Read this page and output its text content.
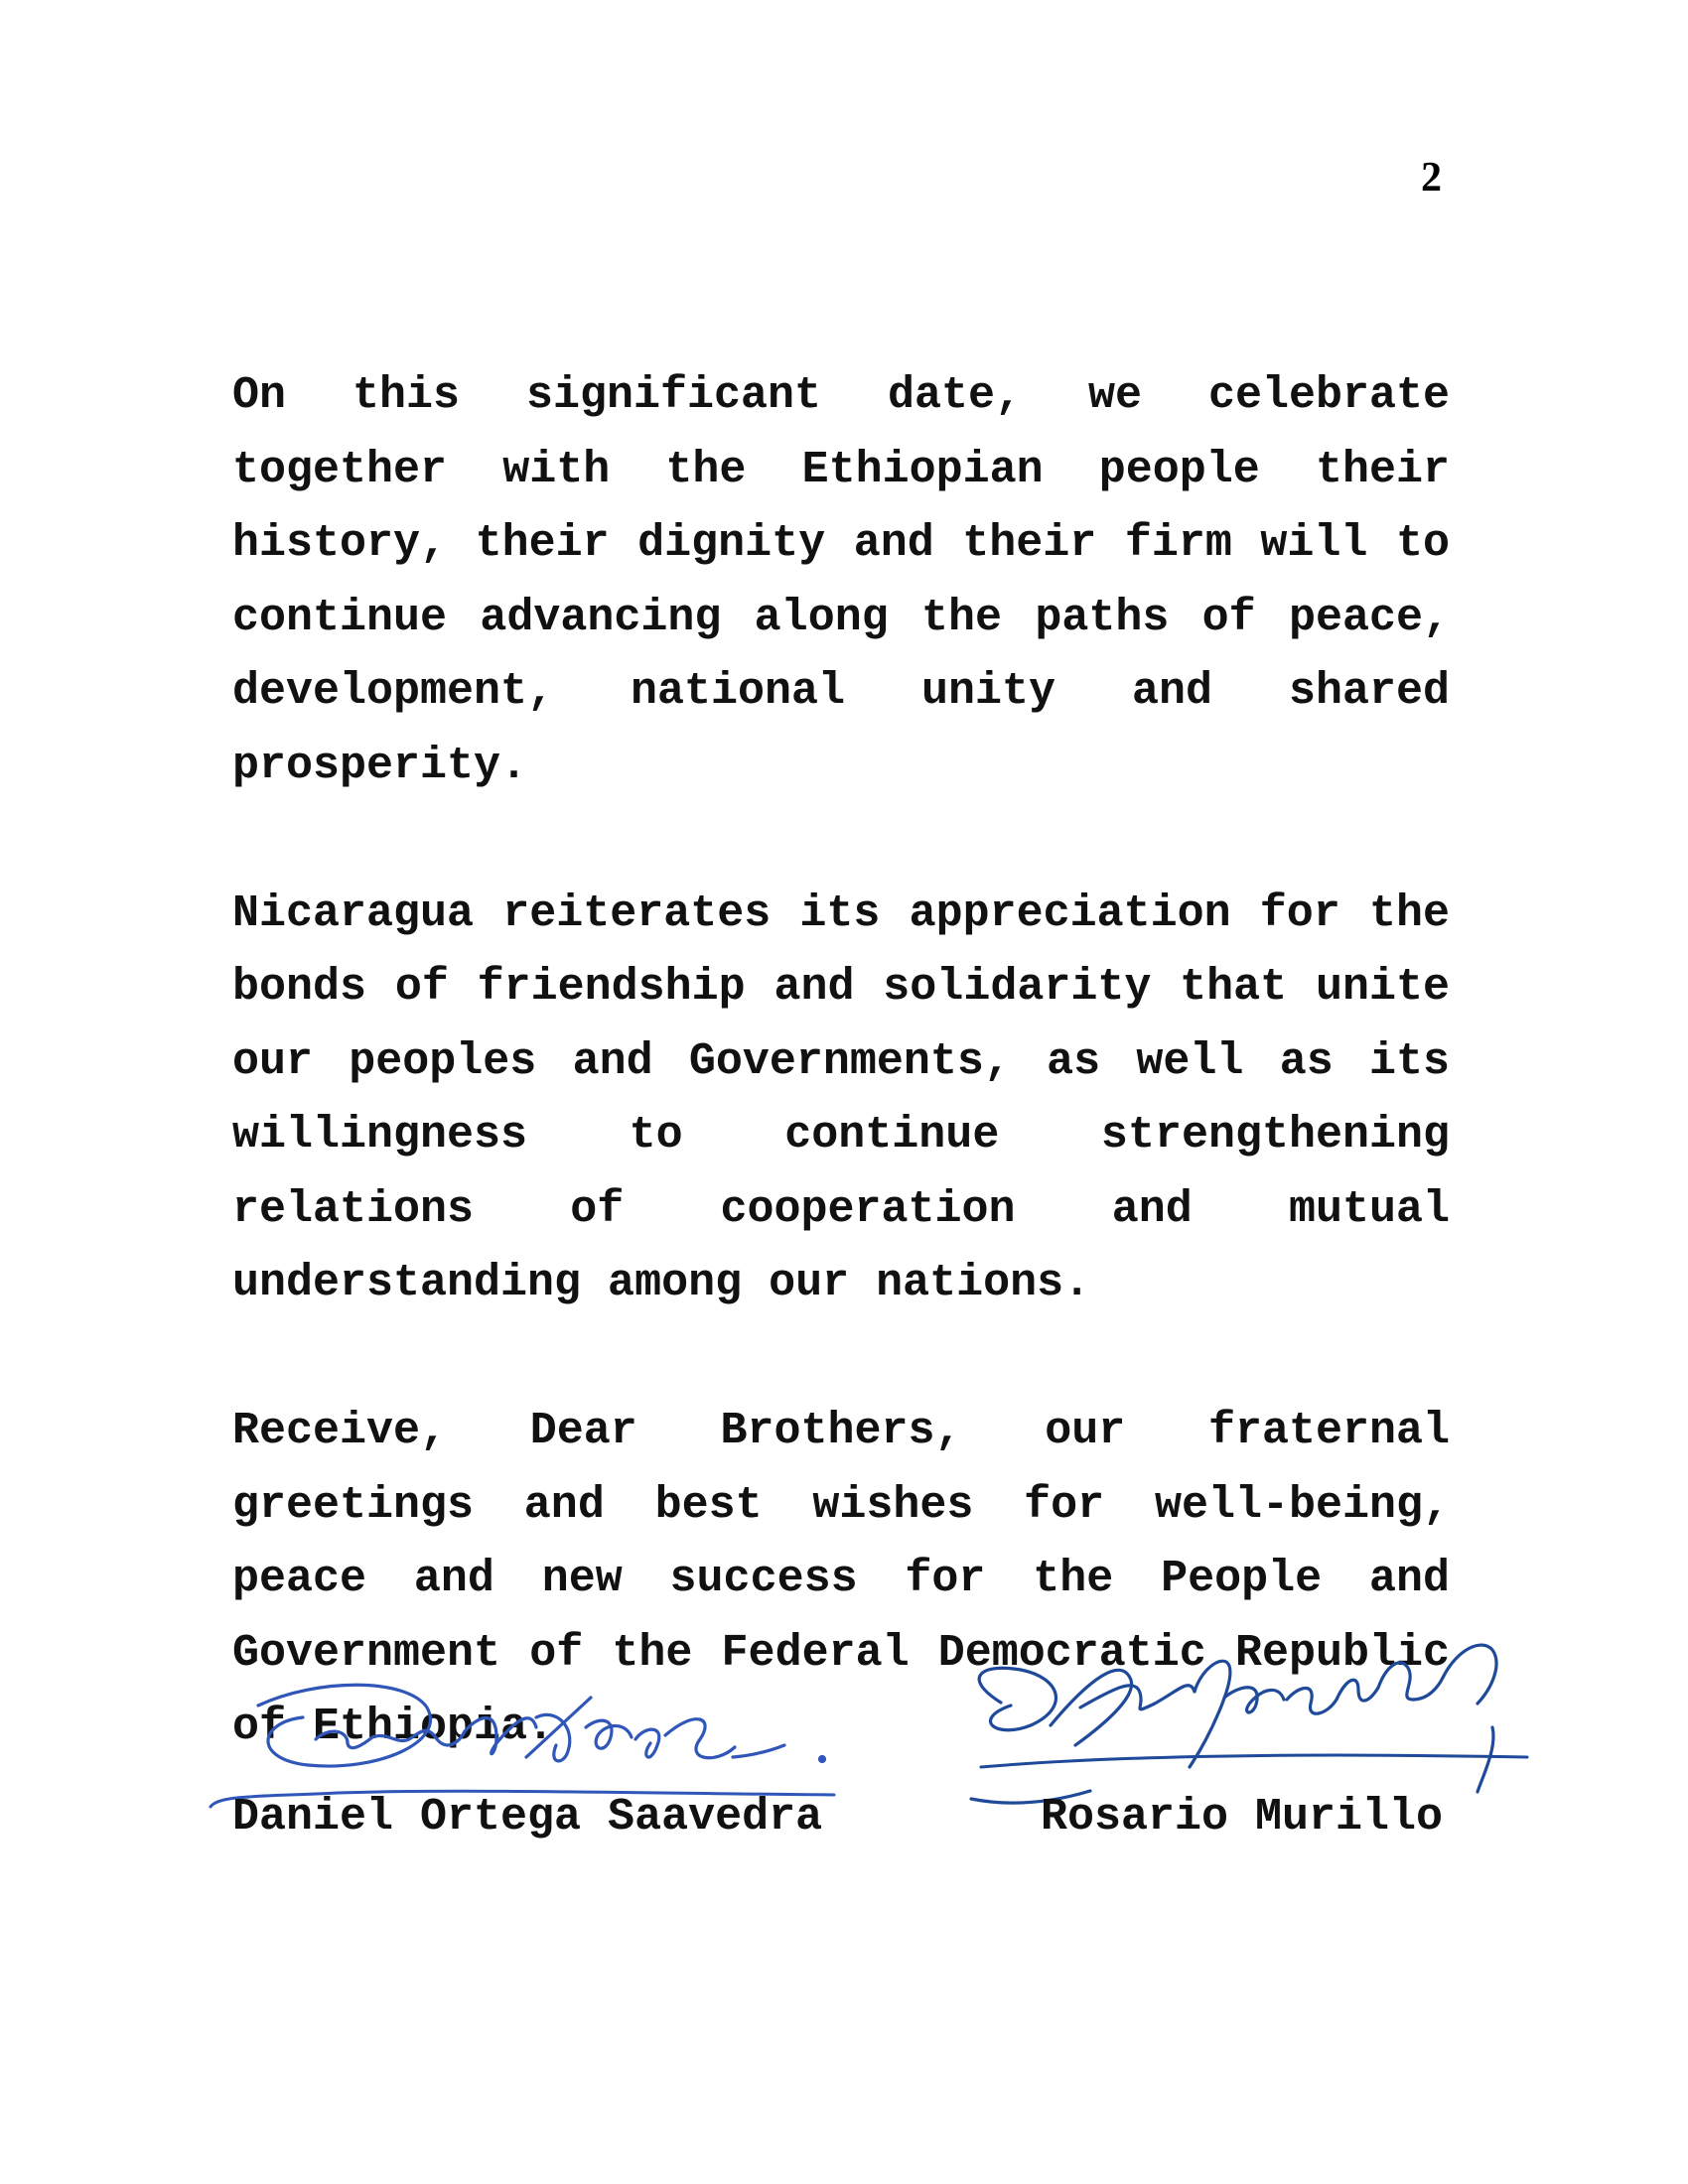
2

On this significant date, we celebrate together with the Ethiopian people their history, their dignity and their firm will to continue advancing along the paths of peace, development, national unity and shared prosperity.

Nicaragua reiterates its appreciation for the bonds of friendship and solidarity that unite our peoples and Governments, as well as its willingness to continue strengthening relations of cooperation and mutual understanding among our nations.

Receive, Dear Brothers, our fraternal greetings and best wishes for well-being, peace and new success for the People and Government of the Federal Democratic Republic of Ethiopia.

Daniel Ortega Saavedra	Rosario Murillo
